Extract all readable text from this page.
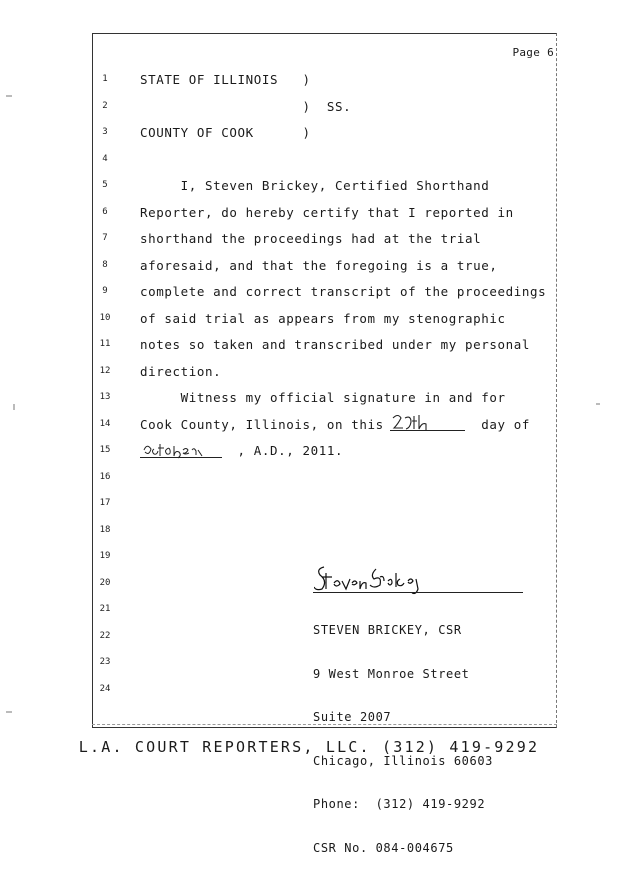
Page 6
1	STATE OF ILLINOIS   )
2	)  SS.
3	COUNTY OF COOK      )
4
5	I, Steven Brickey, Certified Shorthand
6	Reporter, do hereby certify that I reported in
7	shorthand the proceedings had at the trial
8	aforesaid, and that the foregoing is a true,
9	complete and correct transcript of the proceedings
10	of said trial as appears from my stenographic
11	notes so taken and transcribed under my personal
12	direction.
13	Witness my official signature in and for
14	Cook County, Illinois, on this            day of
15	, A.D., 2011.
16
17
18
19
20
21
22
23
24

STEVEN BRICKEY, CSR

9 West Monroe Street

Suite 2007

Chicago, Illinois 60603

Phone:  (312) 419-9292

CSR No. 084-004675

L.A. COURT REPORTERS, LLC. (312) 419-9292
